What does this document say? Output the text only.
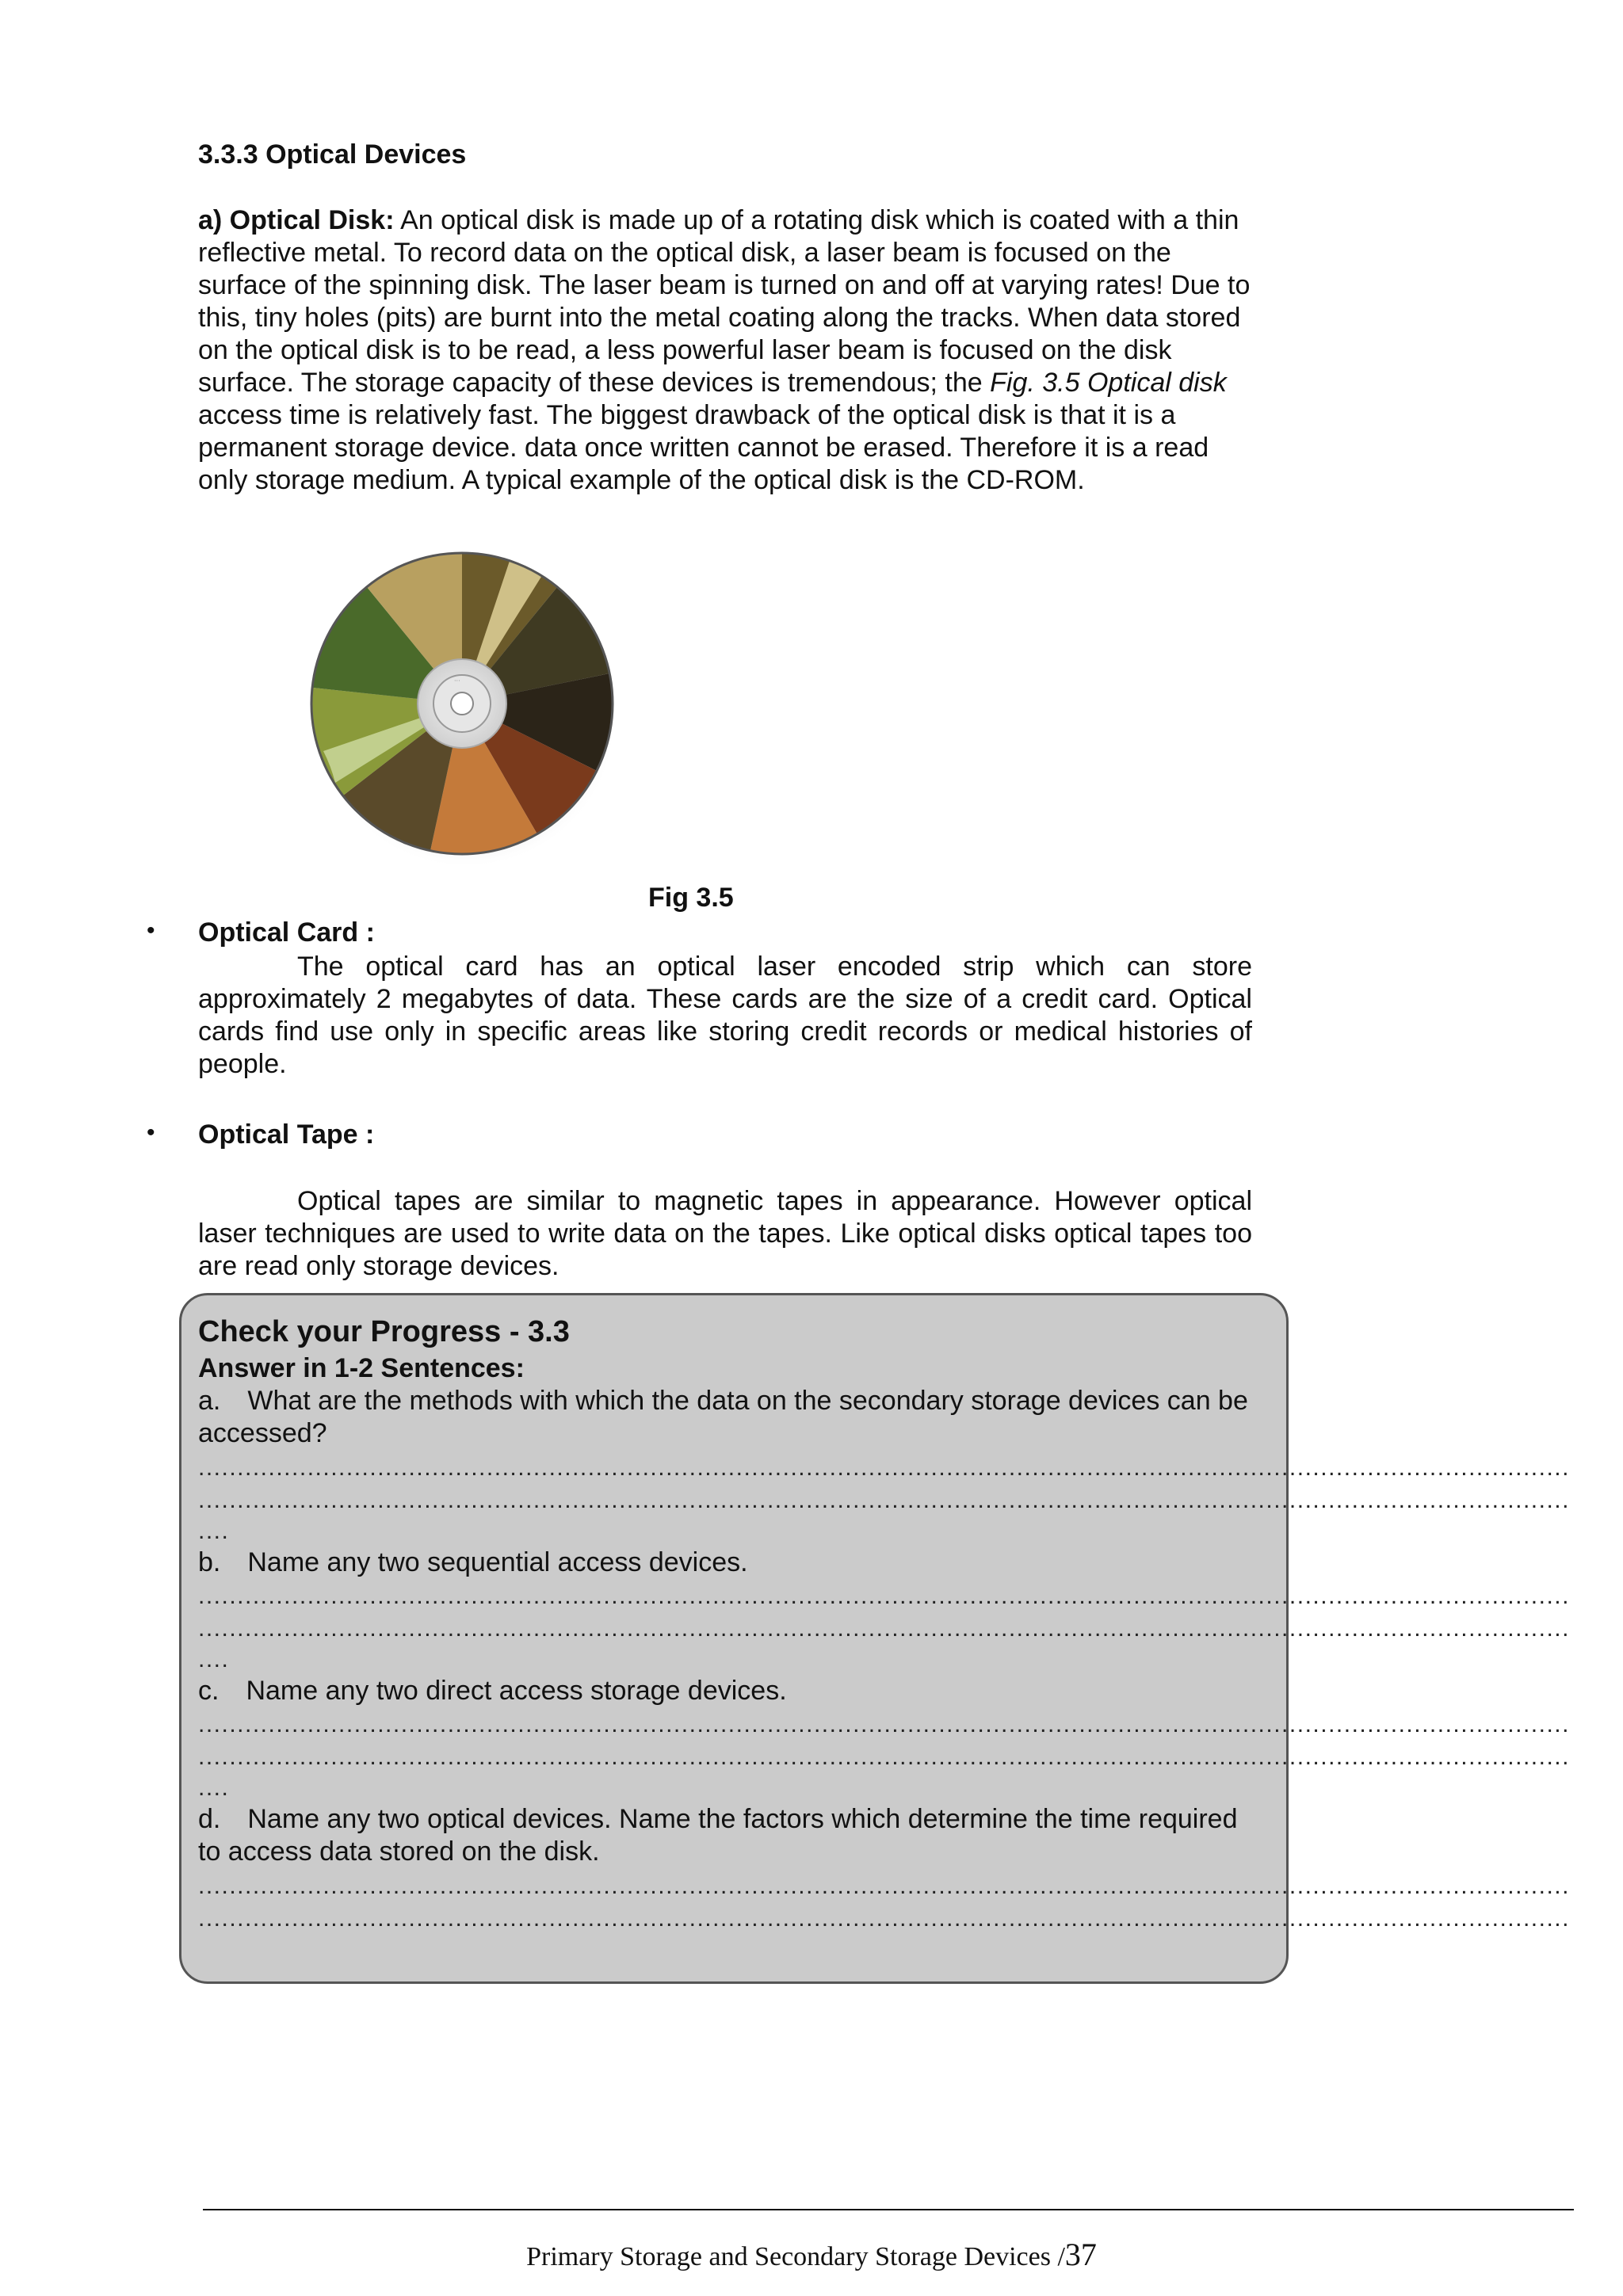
3.3.3 Optical Devices
a) Optical Disk: An optical disk is made up of a rotating disk which is coated with a thin reflective metal. To record data on the optical disk, a laser beam is focused on the surface of the spinning disk. The laser beam is turned on and off at varying rates! Due to this, tiny holes (pits) are burnt into the metal coating along the tracks. When data stored on the optical disk is to be read, a less powerful laser beam is focused on the disk surface. The storage capacity of these devices is tremendous; the Fig. 3.5 Optical disk access time is relatively fast. The biggest drawback of the optical disk is that it is a permanent storage device. data once written cannot be erased. Therefore it is a read only storage medium. A typical example of the optical disk is the CD-ROM.
···
Fig 3.5
• Optical Card :
The optical card has an optical laser encoded strip which can store approximately 2 megabytes of data. These cards are the size of a credit card. Optical cards find use only in specific areas like storing credit records or medical histories of people.
• Optical Tape :
Optical tapes are similar to magnetic tapes in appearance. However optical laser techniques are used to write data on the tapes. Like optical disks optical tapes too are read only storage devices.
Check your Progress - 3.3
Answer in 1-2 Sentences:
a. What are the methods with which the data on the secondary storage devices can be accessed?
................................................................................................................................................................................
................................................................................................................................................................................
....
b. Name any two sequential access devices.
................................................................................................................................................................................
................................................................................................................................................................................
....
c. Name any two direct access storage devices.
................................................................................................................................................................................
................................................................................................................................................................................
....
d. Name any two optical devices. Name the factors which determine the time required to access data stored on the disk.
................................................................................................................................................................................
................................................................................................................................................................................
Primary Storage and Secondary Storage Devices /37
